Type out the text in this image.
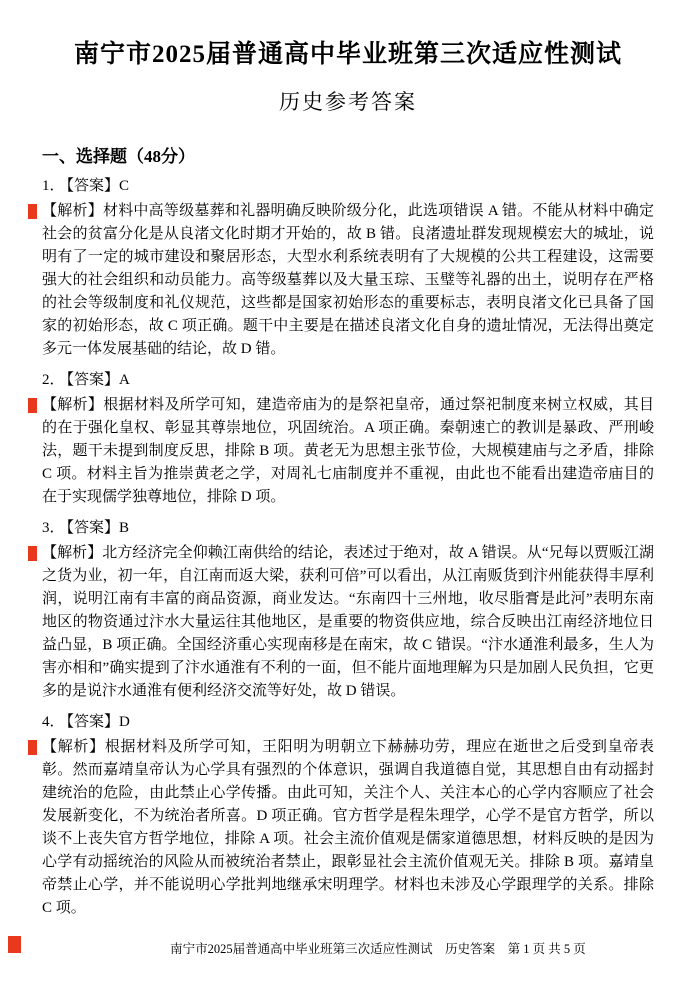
南宁市2025届普通高中毕业班第三次适应性测试
历史参考答案
一、选择题（48分）

1． 【答案】C

【解析】材料中高等级墓葬和礼器明确反映阶级分化，此选项错误 A 错。不能从材料中确定社会的贫富分化是从良渚文化时期才开始的，故 B 错。良渚遗址群发现规模宏大的城址，说明有了一定的城市建设和聚居形态，大型水利系统表明有了大规模的公共工程建设，这需要强大的社会组织和动员能力。高等级墓葬以及大量玉琮、玉璧等礼器的出土，说明存在严格的社会等级制度和礼仪规范，这些都是国家初始形态的重要标志，表明良渚文化已具备了国家的初始形态，故 C 项正确。题干中主要是在描述良渚文化自身的遗址情况，无法得出奠定多元一体发展基础的结论，故 D 错。

2． 【答案】A

【解析】根据材料及所学可知，建造帝庙为的是祭祀皇帝，通过祭祀制度来树立权威，其目的在于强化皇权、彰显其尊崇地位，巩固统治。A 项正确。秦朝速亡的教训是暴政、严刑峻法，题干未提到制度反思，排除 B 项。黄老无为思想主张节俭，大规模建庙与之矛盾，排除 C 项。材料主旨为推崇黄老之学，对周礼七庙制度并不重视，由此也不能看出建造帝庙目的在于实现儒学独尊地位，排除 D 项。

3． 【答案】B

【解析】北方经济完全仰赖江南供给的结论，表述过于绝对，故 A 错误。从“兄每以贾贩江湖之货为业，初一年，自江南而返大梁，获利可倍”可以看出，从江南贩货到汴州能获得丰厚利润，说明江南有丰富的商品资源，商业发达。“东南四十三州地，收尽脂膏是此河”表明东南地区的物资通过汴水大量运往其他地区，是重要的物资供应地，综合反映出江南经济地位日益凸显，B 项正确。全国经济重心实现南移是在南宋，故 C 错误。“汴水通淮利最多，生人为害亦相和”确实提到了汴水通淮有不利的一面，但不能片面地理解为只是加剧人民负担，它更多的是说汴水通淮有便利经济交流等好处，故 D 错误。

4． 【答案】D

【解析】根据材料及所学可知，王阳明为明朝立下赫赫功劳，理应在逝世之后受到皇帝表彰。然而嘉靖皇帝认为心学具有强烈的个体意识，强调自我道德自觉，其思想自由有动摇封建统治的危险，由此禁止心学传播。由此可知，关注个人、关注本心的心学内容顺应了社会发展新变化，不为统治者所喜。D 项正确。官方哲学是程朱理学，心学不是官方哲学，所以谈不上丧失官方哲学地位，排除 A 项。社会主流价值观是儒家道德思想，材料反映的是因为心学有动摇统治的风险从而被统治者禁止，跟彰显社会主流价值观无关。排除 B 项。嘉靖皇帝禁止心学，并不能说明心学批判地继承宋明理学。材料也未涉及心学跟理学的关系。排除 C 项。

南宁市2025届普通高中毕业班第三次适应性测试　历史答案　第 1 页 共 5 页
